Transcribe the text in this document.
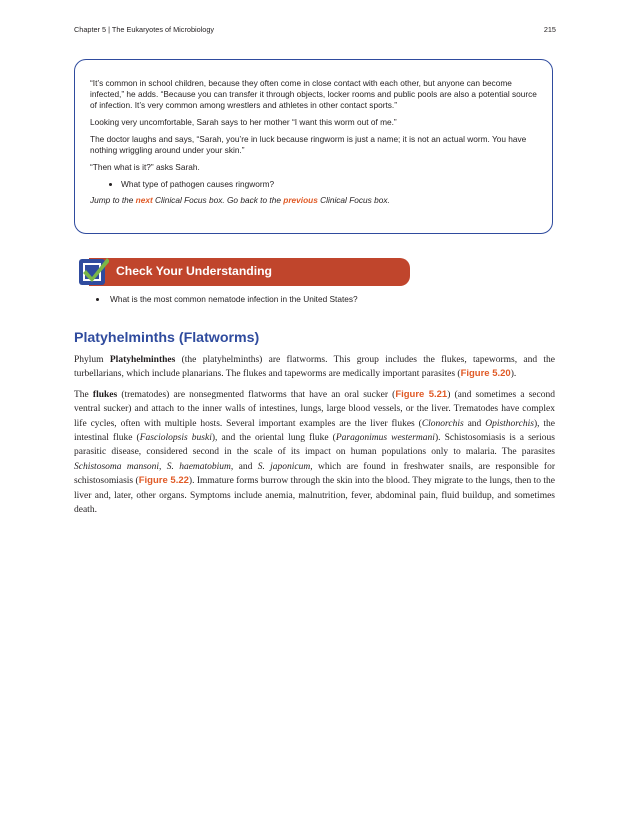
Chapter 5 | The Eukaryotes of Microbiology	215

“It’s common in school children, because they often come in close contact with each other, but anyone can become infected,” he adds. “Because you can transfer it through objects, locker rooms and public pools are also a potential source of infection. It’s very common among wrestlers and athletes in other contact sports.”

Looking very uncomfortable, Sarah says to her mother “I want this worm out of me.”

The doctor laughs and says, “Sarah, you’re in luck because ringworm is just a name; it is not an actual worm. You have nothing wriggling around under your skin.”

“Then what is it?” asks Sarah.

• What type of pathogen causes ringworm?

Jump to the next Clinical Focus box. Go back to the previous Clinical Focus box.

Check Your Understanding
• What is the most common nematode infection in the United States?
Platyhelminths (Flatworms)

Phylum Platyhelminthes (the platyhelminths) are flatworms. This group includes the flukes, tapeworms, and the turbellarians, which include planarians. The flukes and tapeworms are medically important parasites (Figure 5.20).

The flukes (trematodes) are nonsegmented flatworms that have an oral sucker (Figure 5.21) (and sometimes a second ventral sucker) and attach to the inner walls of intestines, lungs, large blood vessels, or the liver. Trematodes have complex life cycles, often with multiple hosts. Several important examples are the liver flukes (Clonorchis and Opisthorchis), the intestinal fluke (Fasciolopsis buski), and the oriental lung fluke (Paragonimus westermani). Schistosomiasis is a serious parasitic disease, considered second in the scale of its impact on human populations only to malaria. The parasites Schistosoma mansoni, S. haematobium, and S. japonicum, which are found in freshwater snails, are responsible for schistosomiasis (Figure 5.22). Immature forms burrow through the skin into the blood. They migrate to the lungs, then to the liver and, later, other organs. Symptoms include anemia, malnutrition, fever, abdominal pain, fluid buildup, and sometimes death.
